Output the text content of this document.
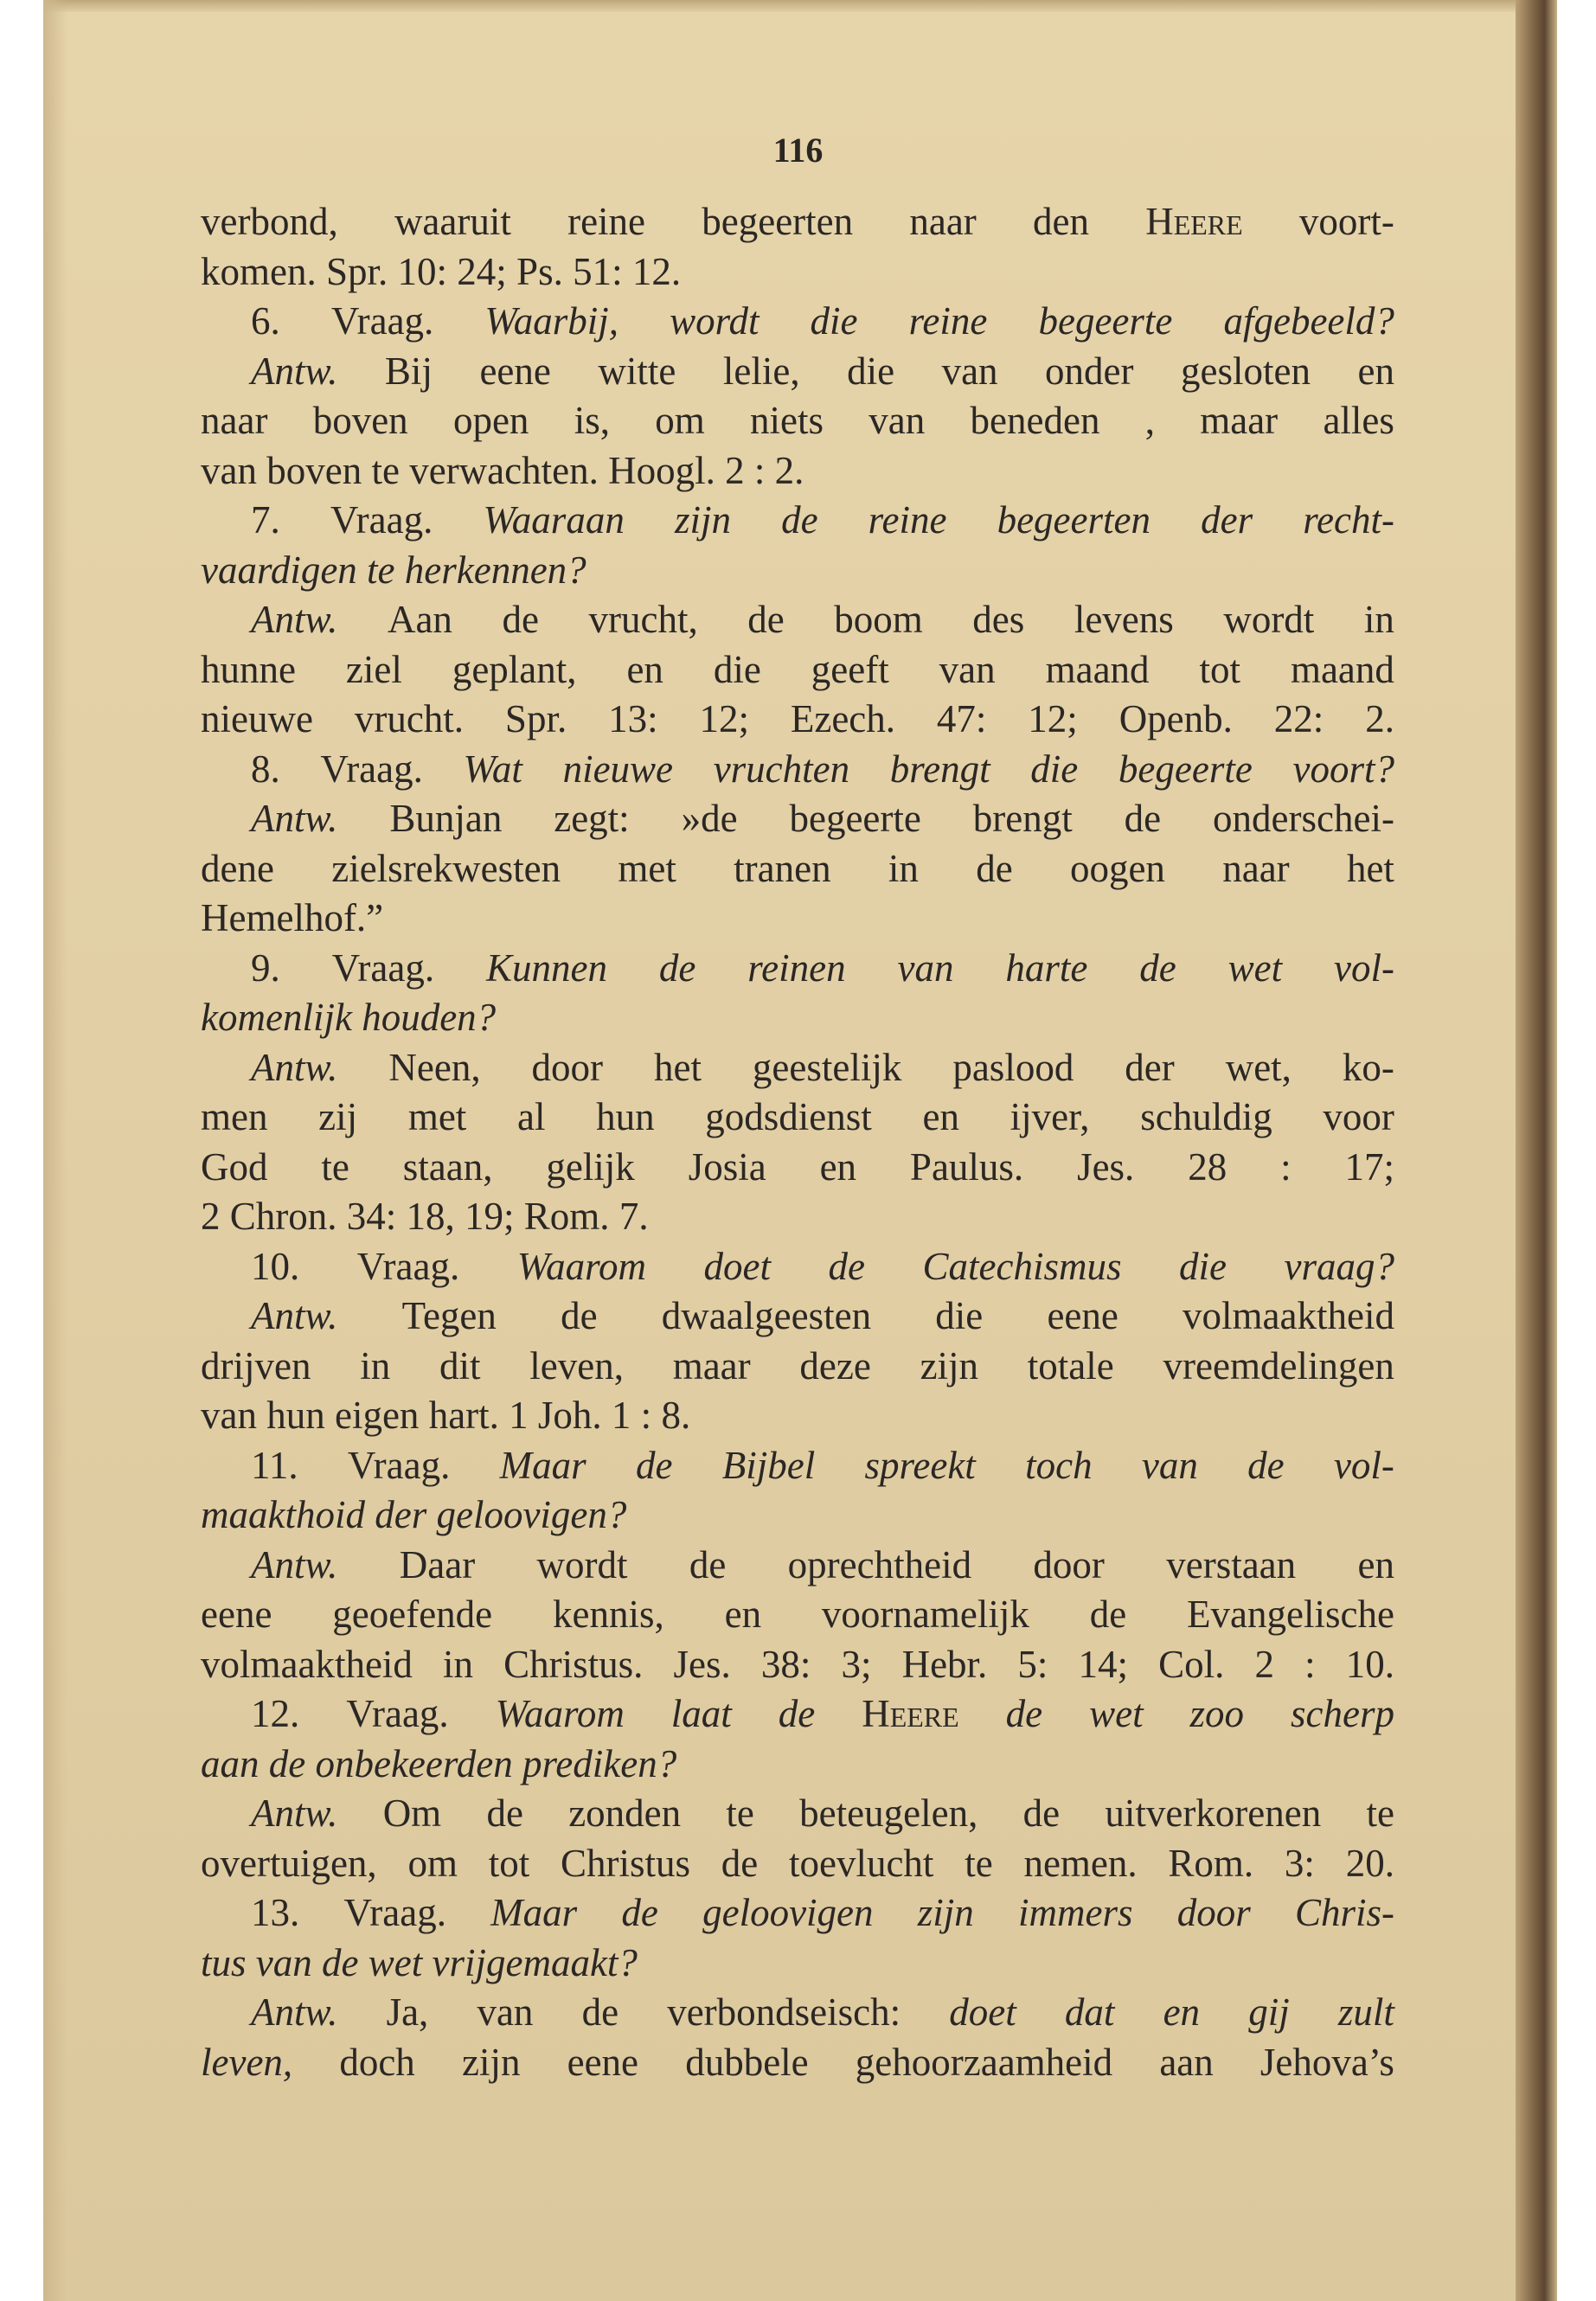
116
verbond, waaruit reine begeerten naar den Heere voort-
komen.
Spr.
10:
24;
Ps.
51:
12.
6. Vraag. Waarbij, wordt die reine begeerte afgebeeld?
Antw. Bij eene witte lelie, die van onder gesloten en
naar boven open is, om niets van beneden , maar alles
van
boven
te
verwachten.
Hoogl.
2
:
2.
7. Vraag. Waaraan zijn de reine begeerten der recht-
vaardigen
te
herkennen?
Antw. Aan de vrucht, de boom des levens wordt in
hunne ziel geplant, en die geeft van maand tot maand
nieuwe vrucht. Spr. 13: 12; Ezech. 47: 12; Openb. 22: 2.
8. Vraag. Wat nieuwe vruchten brengt die begeerte voort?
Antw. Bunjan zegt: »de begeerte brengt de onderschei-
dene zielsrekwesten met tranen in de oogen naar het
Hemelhof.”
9. Vraag. Kunnen de reinen van harte de wet vol-
komenlijk
houden?
Antw. Neen, door het geestelijk paslood der wet, ko-
men zij met al hun godsdienst en ijver, schuldig voor
God te staan, gelijk Josia en Paulus. Jes. 28 : 17;
2
Chron.
34:
18,
19;
Rom.
7.
10. Vraag. Waarom doet de Catechismus die vraag?
Antw. Tegen de dwaalgeesten die eene volmaaktheid
drijven in dit leven, maar deze zijn totale vreemdelingen
van
hun
eigen
hart.
1
Joh.
1
:
8.
11. Vraag. Maar de Bijbel spreekt toch van de vol-
maakthoid
der
geloovigen?
Antw. Daar wordt de oprechtheid door verstaan en
eene geoefende kennis, en voornamelijk de Evangelische
volmaaktheid in Christus. Jes. 38: 3; Hebr. 5: 14; Col. 2 : 10.
12. Vraag. Waarom laat de Heere de wet zoo scherp
aan
de
onbekeerden
prediken?
Antw. Om de zonden te beteugelen, de uitverkorenen te
overtuigen, om tot Christus de toevlucht te nemen. Rom. 3: 20.
13. Vraag. Maar de geloovigen zijn immers door Chris-
tus
van
de
wet
vrijgemaakt?
Antw. Ja, van de verbondseisch: doet dat en gij zult
leven, doch zijn eene dubbele gehoorzaamheid aan Jehova’s
